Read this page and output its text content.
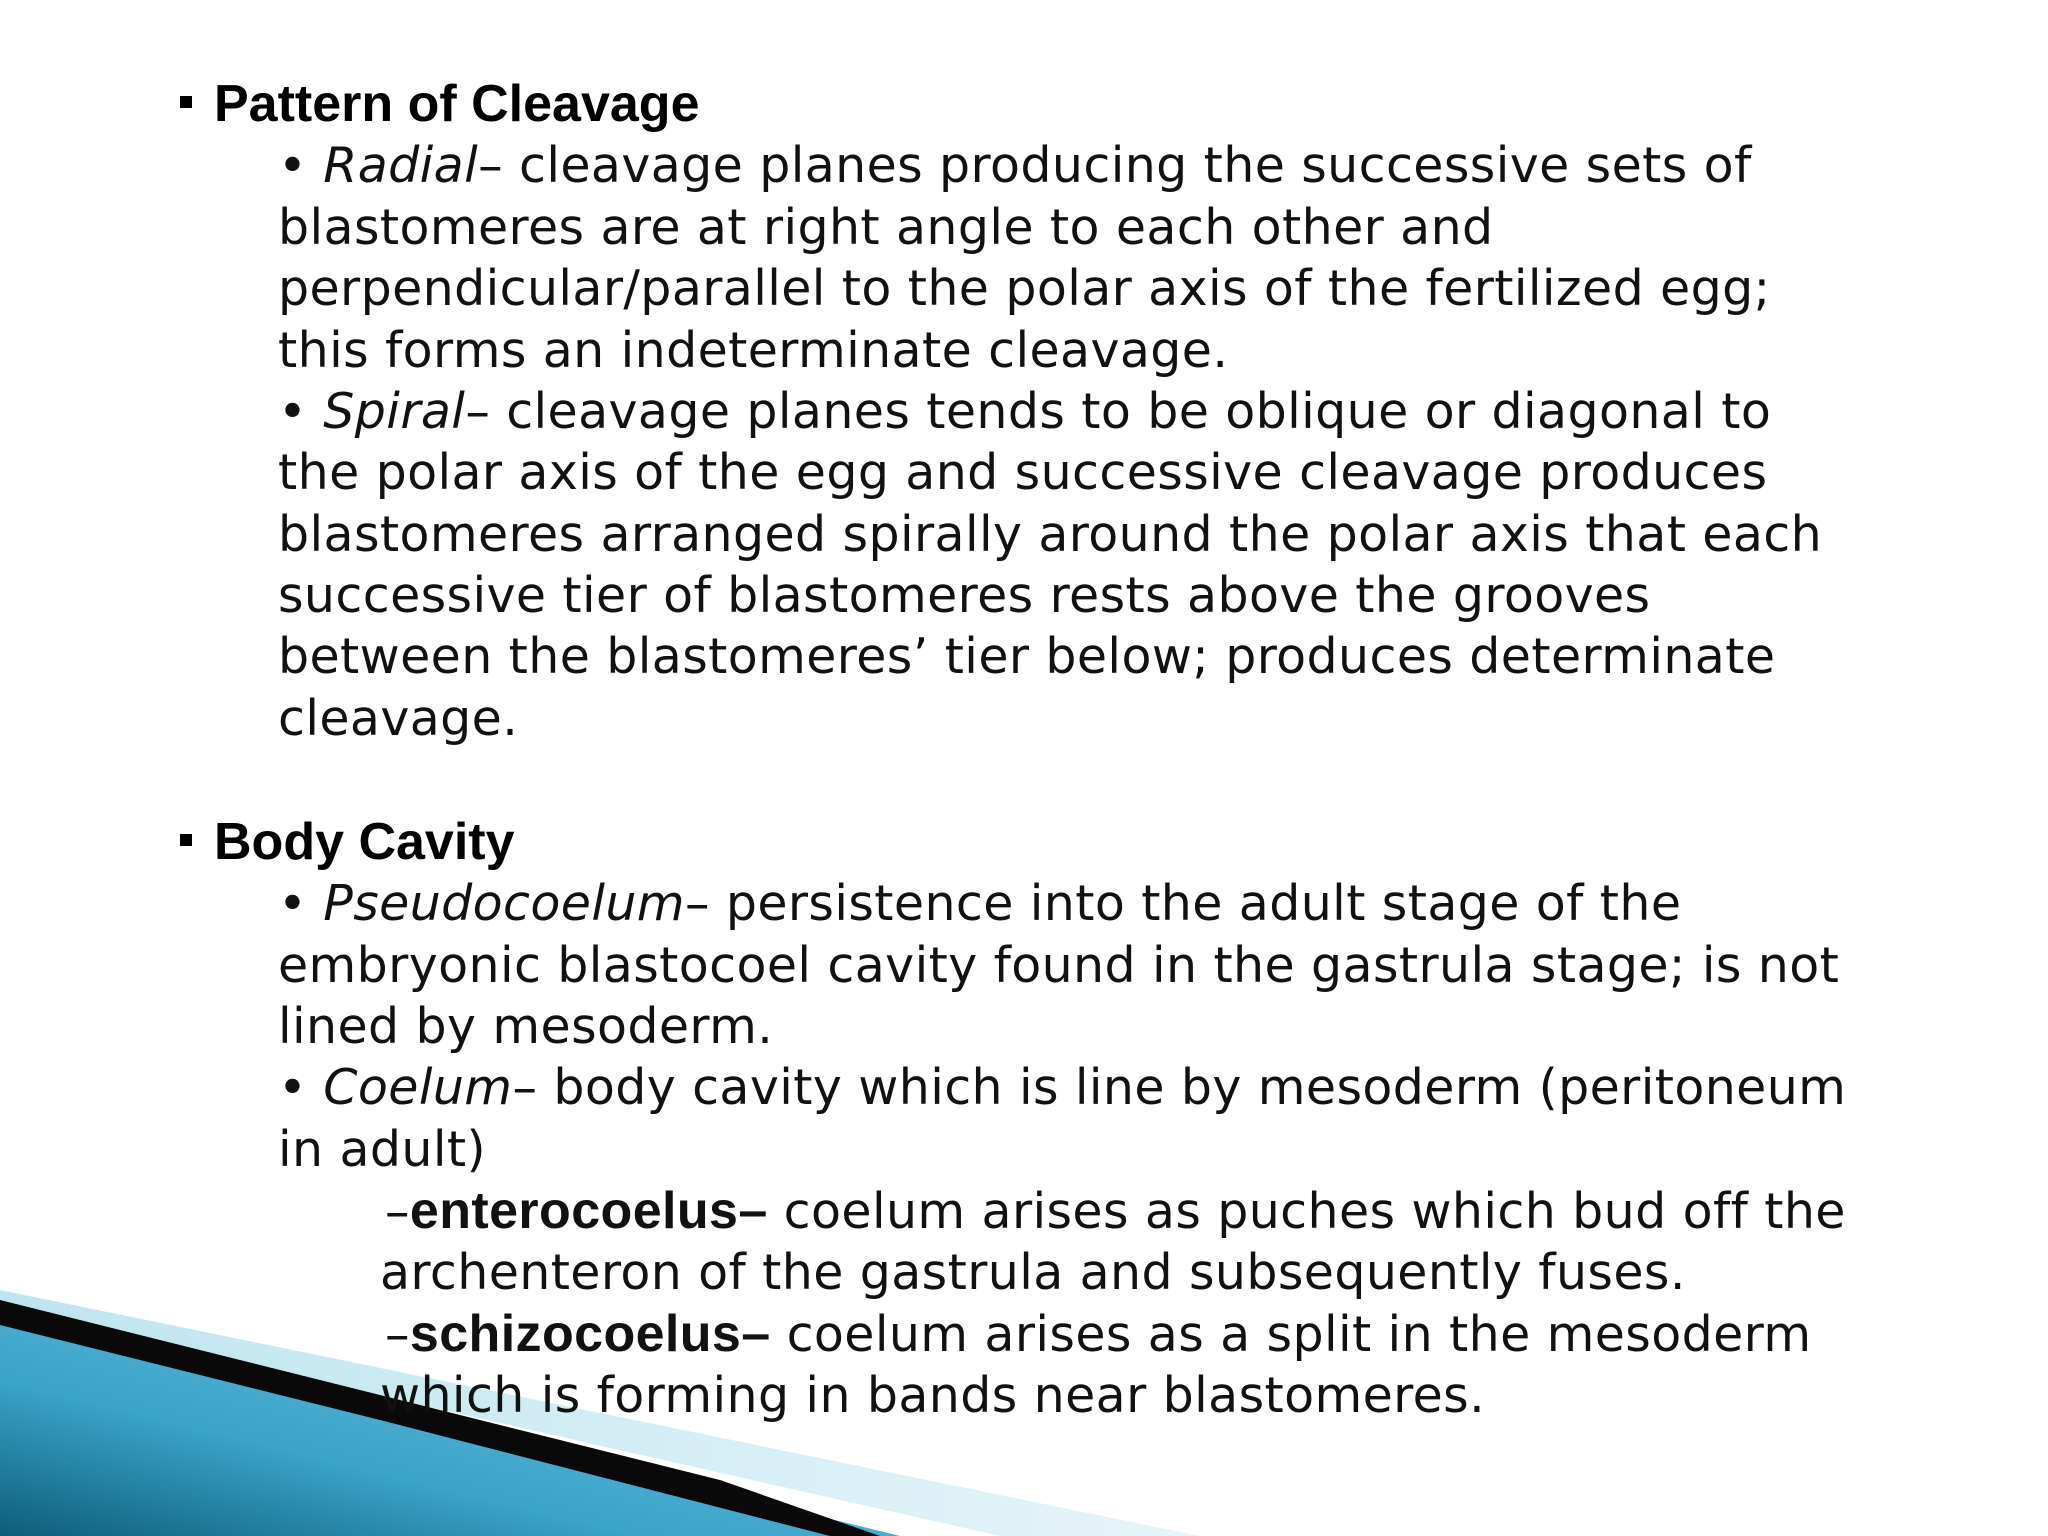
Pattern of Cleavage
• Radial– cleavage planes producing the successive sets of
blastomeres are at right angle to each other and
perpendicular/parallel to the polar axis of the fertilized egg;
this forms an indeterminate cleavage.
• Spiral– cleavage planes tends to be oblique or diagonal to
the polar axis of the egg and successive cleavage produces
blastomeres arranged spirally around the polar axis that each
successive tier of blastomeres rests above the grooves
between the blastomeres’ tier below; produces determinate
cleavage.
Body Cavity
• Pseudocoelum– persistence into the adult stage of the
embryonic blastocoel cavity found in the gastrula stage; is not
lined by mesoderm.
• Coelum– body cavity which is line by mesoderm (peritoneum
in adult)
–enterocoelus– coelum arises as puches which bud off the
archenteron of the gastrula and subsequently fuses.
–schizocoelus– coelum arises as a split in the mesoderm
which is forming in bands near blastomeres.
